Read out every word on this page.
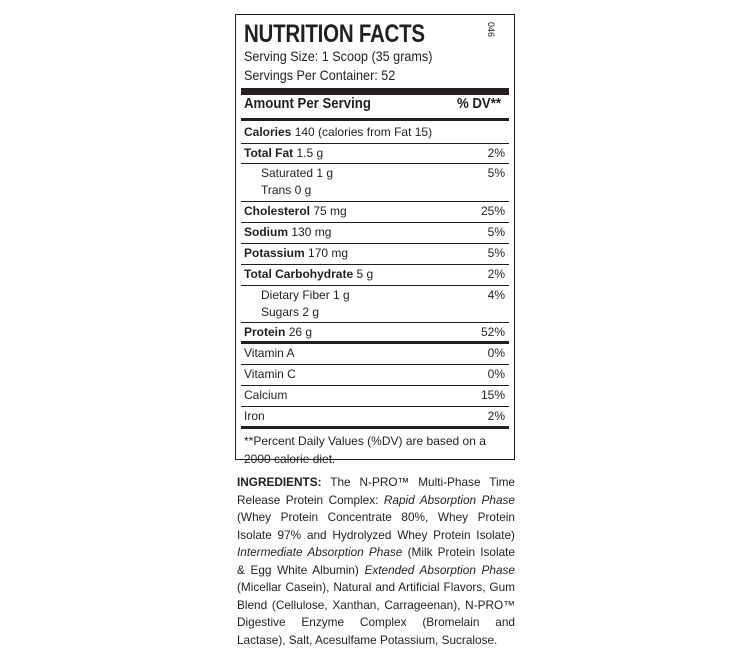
046
NUTRITION FACTS
Serving Size: 1 Scoop (35 grams)
Servings Per Container: 52
Amount Per Serving	% DV**
Calories 140 (calories from Fat 15)
Total Fat 1.5 g	2%
Saturated 1 g	5%
Trans 0 g
Cholesterol 75 mg	25%
Sodium 130 mg	5%
Potassium 170 mg	5%
Total Carbohydrate 5 g	2%
Dietary Fiber 1 g	4%
Sugars 2 g
Protein 26 g	52%
Vitamin A	0%
Vitamin C	0%
Calcium	15%
Iron	2%
**Percent Daily Values (%DV) are based on a 2000 calorie diet.
INGREDIENTS: The N-PRO™ Multi-Phase Time Release Protein Complex: Rapid Absorption Phase (Whey Protein Concentrate 80%, Whey Protein Isolate 97% and Hydrolyzed Whey Protein Isolate) Intermediate Absorption Phase (Milk Protein Isolate & Egg White Albumin) Extended Absorption Phase (Micellar Casein), Natural and Artificial Flavors, Gum Blend (Cellulose, Xanthan, Carrageenan), N-PRO™ Digestive Enzyme Complex (Bromelain and Lactase), Salt, Acesulfame Potassium, Sucralose.
